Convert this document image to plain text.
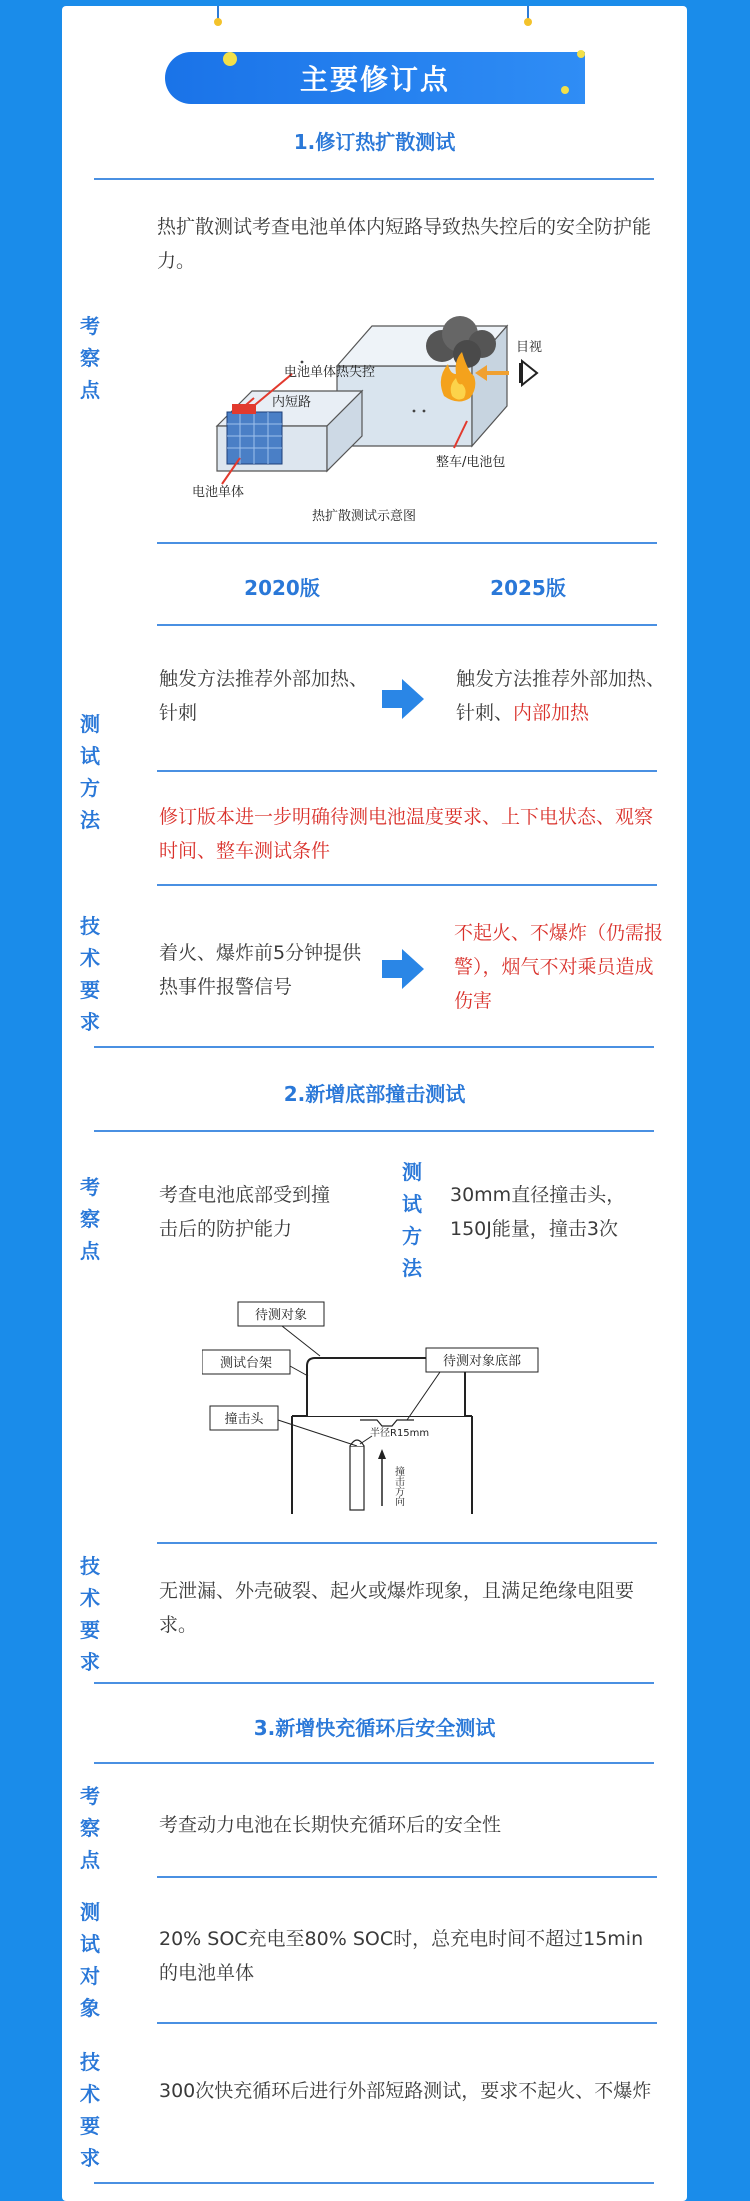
主要修订点
1.修订热扩散测试
考察点
热扩散测试考查电池单体内短路导致热失控后的安全防护能力。
电池单体热失控
内短路
电池单体
整车/电池包
目视
热扩散测试示意图
2020版	2025版
测试方法
触发方法推荐外部加热、针刺
触发方法推荐外部加热、针刺、内部加热
修订版本进一步明确待测电池温度要求、上下电状态、观察时间、整车测试条件
技术要求
着火、爆炸前5分钟提供热事件报警信号
不起火、不爆炸（仍需报警），烟气不对乘员造成伤害
2.新增底部撞击测试
考察点
考查电池底部受到撞击后的防护能力
测试方法
30mm直径撞击头，150J能量，撞击3次
待测对象
测试台架	待测对象底部
撞击头
半径R15mm
撞击方向
技术要求
无泄漏、外壳破裂、起火或爆炸现象，且满足绝缘电阻要求。
3.新增快充循环后安全测试
考察点
考查动力电池在长期快充循环后的安全性
测试对象
20% SOC充电至80% SOC时，总充电时间不超过15min的电池单体
技术要求
300次快充循环后进行外部短路测试，要求不起火、不爆炸
